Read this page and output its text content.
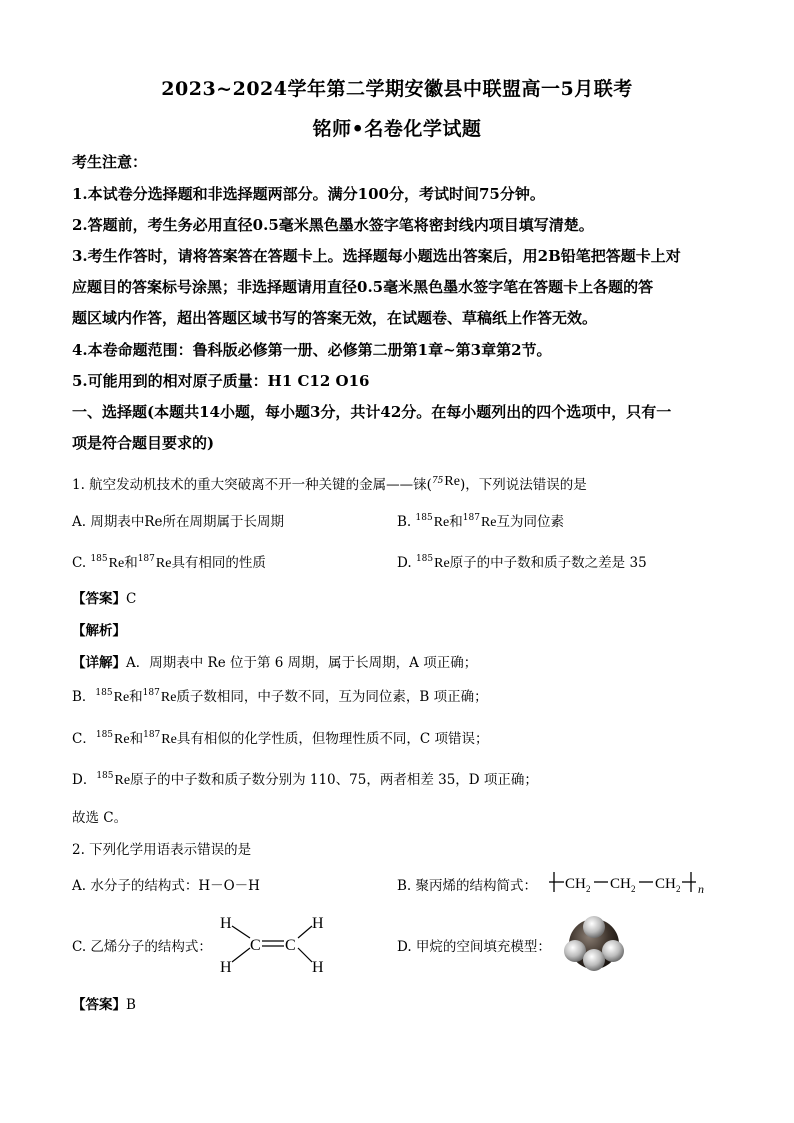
2023~2024学年第二学期安徽县中联盟高一5月联考
铭师•名卷化学试题
考生注意：
1.本试卷分选择题和非选择题两部分。满分100分，考试时间75分钟。
2.答题前，考生务必用直径0.5毫米黑色墨水签字笔将密封线内项目填写清楚。
3.考生作答时，请将答案答在答题卡上。选择题每小题选出答案后，用2B铅笔把答题卡上对
应题目的答案标号涂黑；非选择题请用直径0.5毫米黑色墨水签字笔在答题卡上各题的答
题区域内作答，超出答题区域书写的答案无效，在试题卷、草稿纸上作答无效。
4.本卷命题范围：鲁科版必修第一册、必修第二册第1章~第3章第2节。
5.可能用到的相对原子质量：H1 C12 O16
一、选择题(本题共14小题，每小题3分，共计42分。在每小题列出的四个选项中，只有一
项是符合题目要求的)
1. 航空发动机技术的重大突破离不开一种关键的金属——铼($^{75}$Re)，下列说法错误的是
A. 周期表中Re所在周期属于长周期	B. $^{185}$Re和$^{187}$Re互为同位素
C. $^{185}$Re和$^{187}$Re具有相同的性质	D. $^{185}$Re原子的中子数和质子数之差是 35
【答案】C
【解析】
【详解】A．周期表中 Re 位于第 6 周期，属于长周期，A 项正确；
B．$^{185}$Re和$^{187}$Re质子数相同，中子数不同，互为同位素，B 项正确；
C．$^{185}$Re和$^{187}$Re具有相似的化学性质，但物理性质不同，C 项错误；
D．$^{185}$Re原子的中子数和质子数分别为 110、75，两者相差 35，D 项正确；
故选 C。
2. 下列化学用语表示错误的是
A. 水分子的结构式：H－O－H	B. 聚丙烯的结构简式： CH 2 CH 2 CH 2 n
C. 乙烯分子的结构式：
H
H
H
H
C C	D. 甲烷的空间填充模型：
【答案】B
